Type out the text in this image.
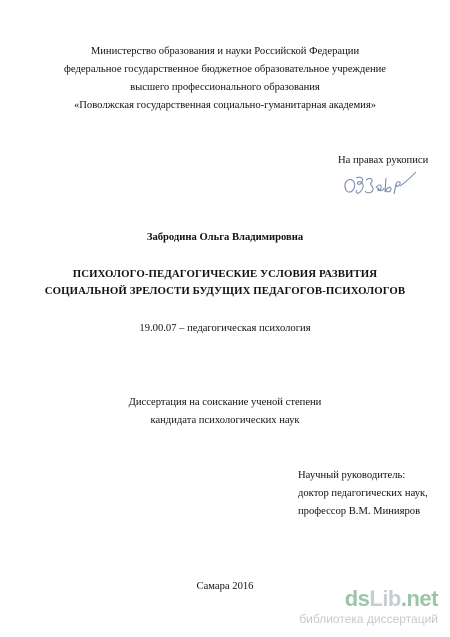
Министерство образования и науки Российской Федерации
федеральное государственное бюджетное образовательное учреждение
высшего профессионального образования
«Поволжская государственная социально-гуманитарная академия»
На правах рукописи
Забродина Ольга Владимировна
ПСИХОЛОГО-ПЕДАГОГИЧЕСКИЕ УСЛОВИЯ РАЗВИТИЯ
СОЦИАЛЬНОЙ ЗРЕЛОСТИ БУДУЩИХ ПЕДАГОГОВ-ПСИХОЛОГОВ
19.00.07 – педагогическая психология
Диссертация на соискание ученой степени
кандидата психологических наук
Научный руководитель:
доктор педагогических наук,
профессор В.М. Минияров
Самара 2016	dsLib.net
библиотека диссертаций
